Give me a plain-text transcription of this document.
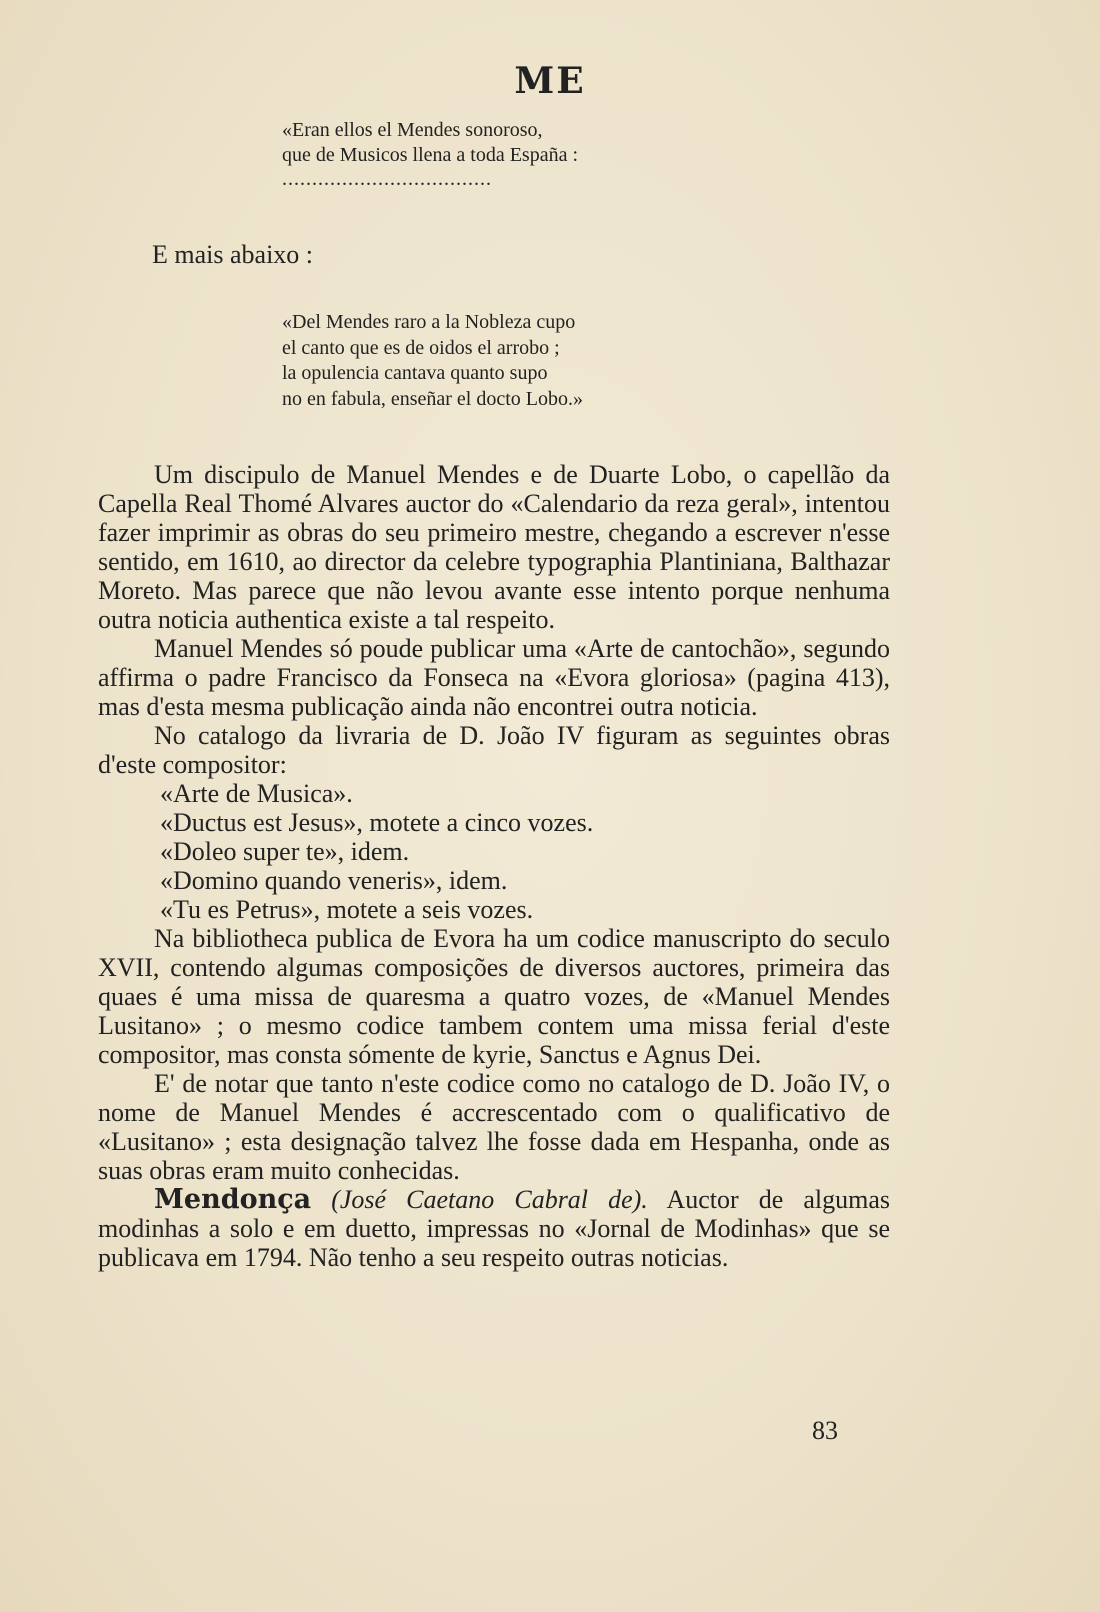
ME
«Eran ellos el Mendes sonoroso,
que de Musicos llena a toda España :
...................................
E mais abaixo :
«Del Mendes raro a la Nobleza cupo
el canto que es de oidos el arrobo ;
la opulencia cantava quanto supo
no en fabula, enseñar el docto Lobo.»

Um discipulo de Manuel Mendes e de Duarte Lobo, o capellão da Capella Real Thomé Alvares auctor do «Calendario da reza geral», intentou fazer imprimir as obras do seu primeiro mestre, chegando a escrever n'esse sentido, em 1610, ao director da celebre typographia Plantiniana, Balthazar Moreto. Mas parece que não levou avante esse intento porque nenhuma outra noticia authentica existe a tal respeito.

Manuel Mendes só poude publicar uma «Arte de cantochão», segundo affirma o padre Francisco da Fonseca na «Evora gloriosa» (pagina 413), mas d'esta mesma publicação ainda não encontrei outra noticia.

No catalogo da livraria de D. João IV figuram as seguintes obras d'este compositor:

«Arte de Musica».

«Ductus est Jesus», motete a cinco vozes.

«Doleo super te», idem.

«Domino quando veneris», idem.

«Tu es Petrus», motete a seis vozes.

Na bibliotheca publica de Evora ha um codice manuscripto do seculo XVII, contendo algumas composições de diversos auctores, primeira das quaes é uma missa de quaresma a quatro vozes, de «Manuel Mendes Lusitano» ; o mesmo codice tambem contem uma missa ferial d'este compositor, mas consta sómente de kyrie, Sanctus e Agnus Dei.

E' de notar que tanto n'este codice como no catalogo de D. João IV, o nome de Manuel Mendes é accrescentado com o qualificativo de «Lusitano» ; esta designação talvez lhe fosse dada em Hespanha, onde as suas obras eram muito conhecidas.

Mendonça (José Caetano Cabral de). Auctor de algumas modinhas a solo e em duetto, impressas no «Jornal de Modinhas» que se publicava em 1794. Não tenho a seu respeito outras noticias.

83
